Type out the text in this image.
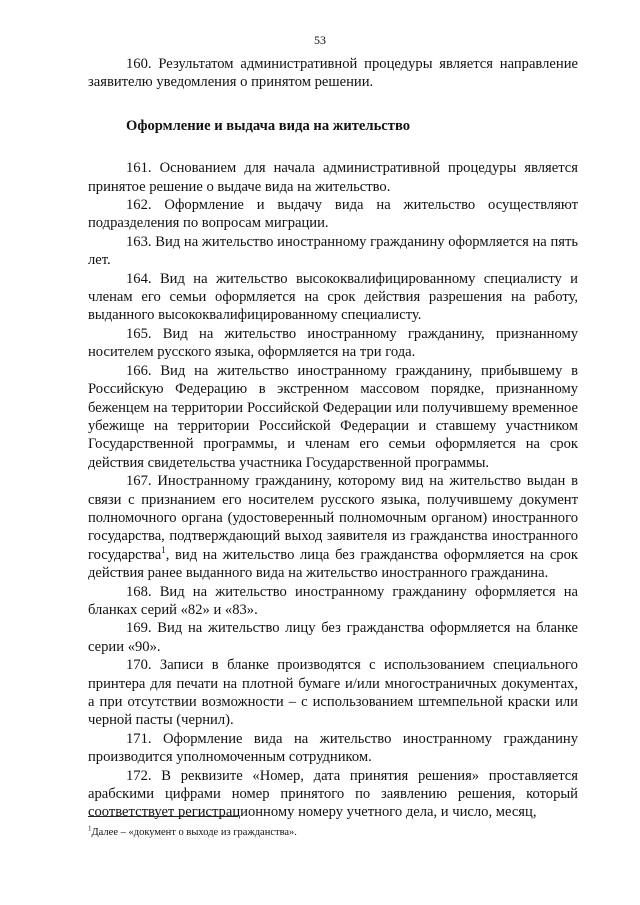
53

160. Результатом административной процедуры является направление заявителю уведомления о принятом решении.

Оформление и выдача вида на жительство

161. Основанием для начала административной процедуры является принятое решение о выдаче вида на жительство.

162. Оформление и выдачу вида на жительство осуществляют подразделения по вопросам миграции.

163. Вид на жительство иностранному гражданину оформляется на пять лет.

164. Вид на жительство высококвалифицированному специалисту и членам его семьи оформляется на срок действия разрешения на работу, выданного высококвалифицированному специалисту.

165. Вид на жительство иностранному гражданину, признанному носителем русского языка, оформляется на три года.

166. Вид на жительство иностранному гражданину, прибывшему в Российскую Федерацию в экстренном массовом порядке, признанному беженцем на территории Российской Федерации или получившему временное убежище на территории Российской Федерации и ставшему участником Государственной программы, и членам его семьи оформляется на срок действия свидетельства участника Государственной программы.

167. Иностранному гражданину, которому вид на жительство выдан в связи с признанием его носителем русского языка, получившему документ полномочного органа (удостоверенный полномочным органом) иностранного государства, подтверждающий выход заявителя из гражданства иностранного государства$^1$, вид на жительство лица без гражданства оформляется на срок действия ранее выданного вида на жительство иностранного гражданина.

168. Вид на жительство иностранному гражданину оформляется на бланках серий «82» и «83».

169. Вид на жительство лицу без гражданства оформляется на бланке серии «90».

170. Записи в бланке производятся с использованием специального принтера для печати на плотной бумаге и/или многостраничных документах, а при отсутствии возможности – с использованием штемпельной краски или черной пасты (чернил).

171. Оформление вида на жительство иностранному гражданину производится уполномоченным сотрудником.

172. В реквизите «Номер, дата принятия решения» проставляется арабскими цифрами номер принятого по заявлению решения, который соответствует регистрационному номеру учетного дела, и число, месяц,

$^1$Далее – «документ о выходе из гражданства».
